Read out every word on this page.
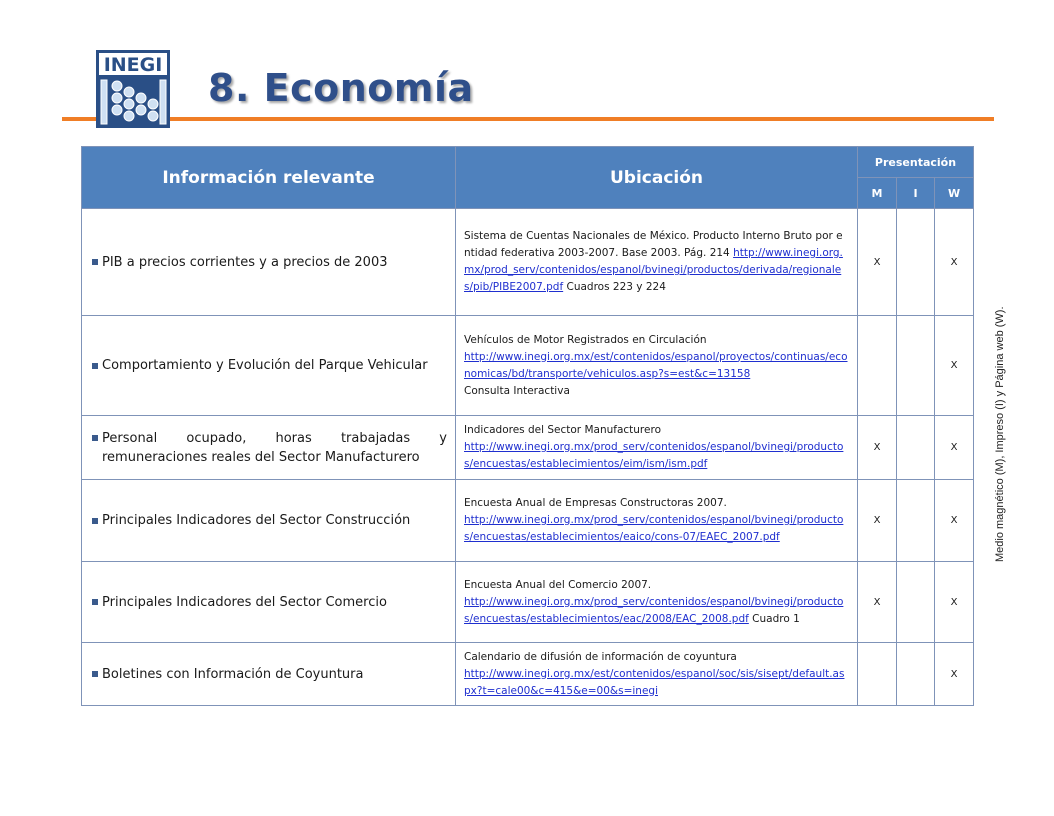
INEGI
8. Economía
Información relevante	Ubicación	Presentación		
		M	I	W
PIB a precios corrientes y a precios de 2003	Sistema de Cuentas Nacionales de México. Producto Interno Bruto por entidad federativa 2003-2007. Base 2003. Pág. 214 http://www.inegi.org.mx/prod_serv/contenidos/espanol/bvinegi/productos/derivada/regionales/pib/PIBE2007.pdf Cuadros 223 y 224	X		X
Comportamiento y Evolución del Parque Vehicular	Vehículos de Motor Registrados en Circulación
http://www.inegi.org.mx/est/contenidos/espanol/proyectos/continuas/economicas/bd/transporte/vehiculos.asp?s=est&c=13158
Consulta Interactiva			X
Personal ocupado, horas trabajadas y remuneraciones reales del Sector Manufacturero	Indicadores del Sector Manufacturero
http://www.inegi.org.mx/prod_serv/contenidos/espanol/bvinegi/productos/encuestas/establecimientos/eim/ism/ism.pdf	X		X
Principales Indicadores del Sector Construcción	Encuesta Anual de Empresas Constructoras 2007.
http://www.inegi.org.mx/prod_serv/contenidos/espanol/bvinegi/productos/encuestas/establecimientos/eaico/cons-07/EAEC_2007.pdf	X		X
Principales Indicadores del Sector Comercio	Encuesta Anual del Comercio 2007.
http://www.inegi.org.mx/prod_serv/contenidos/espanol/bvinegi/productos/encuestas/establecimientos/eac/2008/EAC_2008.pdf Cuadro 1	X		X
Boletines con Información de Coyuntura	Calendario de difusión de información de coyuntura
http://www.inegi.org.mx/est/contenidos/espanol/soc/sis/sisept/default.aspx?t=cale00&c=415&e=00&s=inegi			X
Medio magnético (M), Impreso (I) y Página web (W).
